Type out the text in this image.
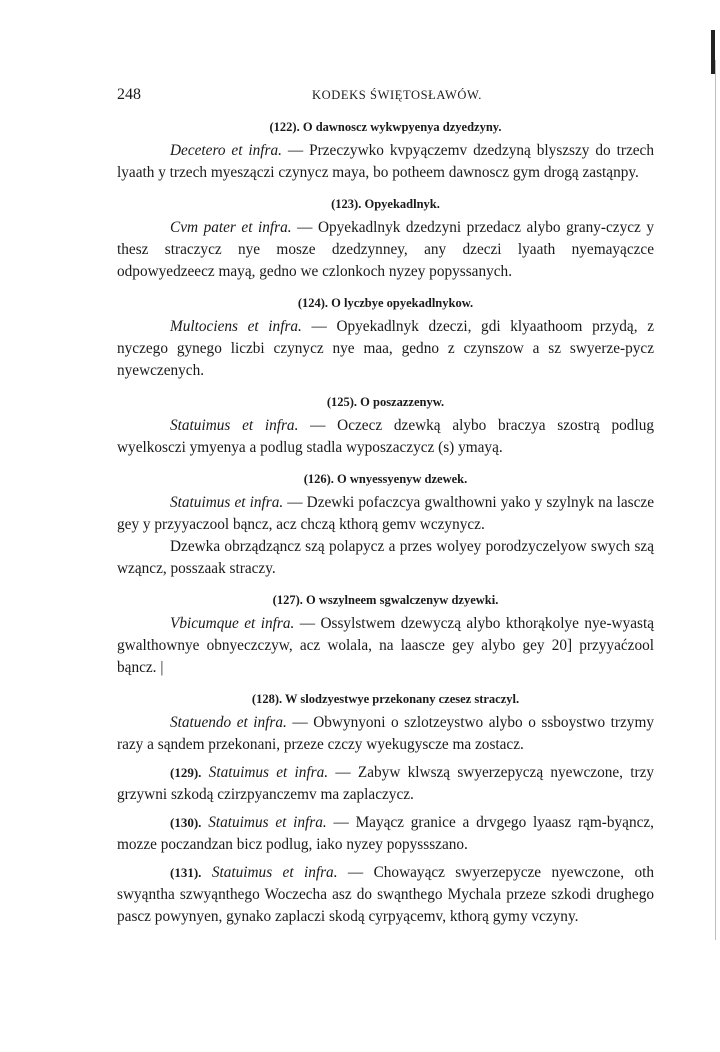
248	KODEKS ŚWIĘTOSŁAWÓW.
(122). O dawnoscz wykwpyenya dzyedzyny.

Decetero et infra. — Przeczywko kvpyączemv dzedzyną blyszszy do trzech lyaath y trzech myeszączi czynycz maya, bo potheem dawnoscz gym drogą zastąnpy.

(123). Opyekadlnyk.

Cvm pater et infra. — Opyekadlnyk dzedzyni przedacz alybo grany-czycz y thesz straczycz nye mosze dzedzynney, any dzeczi lyaath nyemayączce odpowyedzeecz mayą, gedno we czlonkoch nyzey popyssanych.

(124). O lyczbye opyekadlnykow.

Multociens et infra. — Opyekadlnyk dzeczi, gdi klyaathoom przydą, z nyczego gynego liczbi czynycz nye maa, gedno z czynszow a sz swyerze-pycz nyewczenych.

(125). O poszazzenyw.

Statuimus et infra. — Oczecz dzewką alybo braczya szostrą podlug wyelkosczi ymyenya a podlug stadla wyposzaczycz (s) ymayą.

(126). O wnyessyenyw dzewek.

Statuimus et infra. — Dzewki pofaczcya gwalthowni yako y szylnyk na lascze gey y przyyaczool bąncz, acz chczą kthorą gemv wczynycz.

Dzewka obrządząncz szą polapycz a przes wolyey porodzyczelyow swych szą wząncz, posszaak straczy.

(127). O wszylneem sgwalczenyw dzyewki.

Vbicumque et infra. — Ossylstwem dzewyczą alybo kthorąkolye nye-wyastą gwalthownye obnyeczczyw, acz wolala, na laascze gey alybo gey 20] przyyaćzool bąncz. |

(128). W slodzyestwye przekonany czesez straczyl.

Statuendo et infra. — Obwynyoni o szlotzeystwo alybo o ssboystwo trzymy razy a sąndem przekonani, przeze czczy wyekugyscze ma zostacz.

(129). Statuimus et infra. — Zabyw klwszą swyerzepyczą nyewczone, trzy grzywni szkodą czirzpyanczemv ma zaplaczycz.

(130). Statuimus et infra. — Mayącz granice a drvgego lyaasz rąm-byąncz, mozze poczandzan bicz podlug, iako nyzey popyssszano.

(131). Statuimus et infra. — Chowayącz swyerzepycze nyewczone, oth swyąntha szwyąnthego Woczecha asz do swąnthego Mychala przeze szkodi drughego pascz powynyen, gynako zaplaczi skodą cyrpyącemv, kthorą gymy vczyny.
